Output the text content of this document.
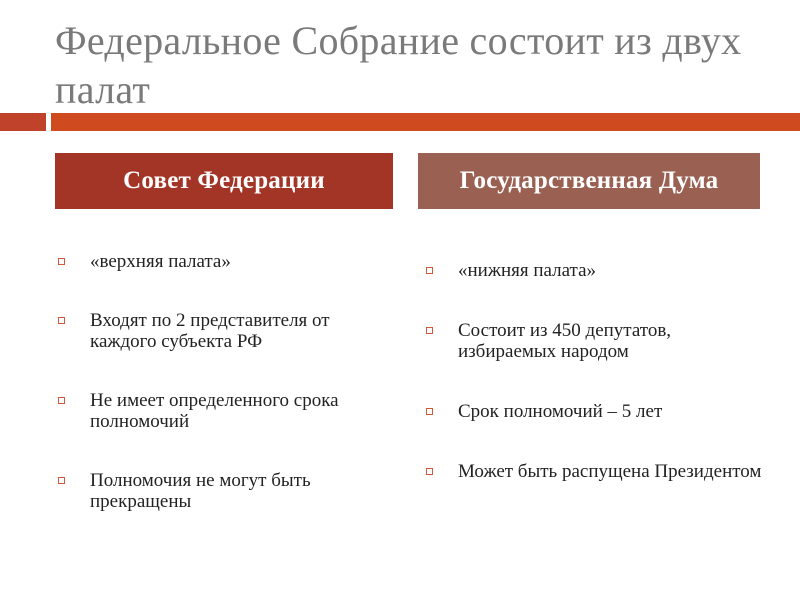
Федеральное Собрание состоит из двух палат
Совет Федерации	Государственная Дума
«верхняя палата»
Входят по 2 представителя от каждого субъекта РФ
Не имеет определенного срока полномочий
Полномочия не могут быть прекращены
«нижняя палата»
Состоит из 450 депутатов, избираемых народом
Срок полномочий – 5 лет
Может быть распущена Президентом
